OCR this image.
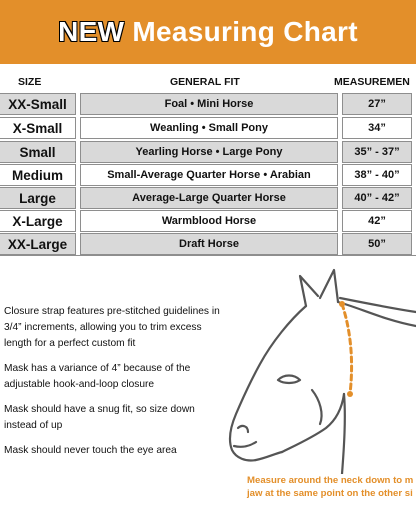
NEW Measuring Chart
SIZE	GENERAL FIT	MEASUREMEN
XX-Small	Foal • Mini Horse	27”
X-Small	Weanling • Small Pony	34”
Small	Yearling Horse • Large Pony	35” - 37”
Medium	Small-Average Quarter Horse • Arabian	38” - 40”
Large	Average-Large Quarter Horse	40” - 42”
X-Large	Warmblood Horse	42”
XX-Large	Draft Horse	50”

Closure strap features pre-stitched guidelines in 3/4” increments, allowing you to trim excess length for a perfect custom fit

Mask has a variance of 4” because of the adjustable hook-and-loop closure

Mask should have a snug fit, so size down instead of up

Mask should never touch the eye area

Measure around the neck down to m
jaw at the same point on the other si
